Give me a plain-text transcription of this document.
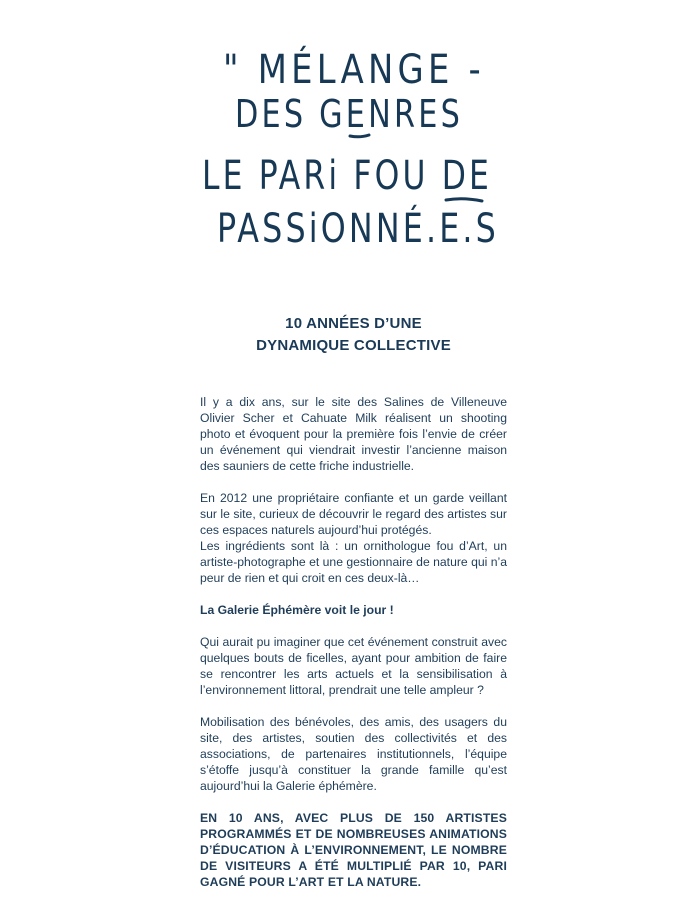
" MÉLANGE -
DES GENRES
LE PARi FOU DE
PASSiONNÉ.E.S
10 ANNÉES D’UNE
DYNAMIQUE COLLECTIVE

Il y a dix ans, sur le site des Salines de Villeneuve Olivier Scher et Cahuate Milk réalisent un shooting photo et évoquent pour la première fois l’envie de créer un événement qui viendrait investir l’ancienne maison des sauniers de cette friche industrielle.

En 2012 une propriétaire confiante et un garde veillant sur le site, curieux de découvrir le regard des artistes sur ces espaces naturels aujourd’hui protégés.

Les ingrédients sont là : un ornithologue fou d’Art, un artiste-photographe et une gestionnaire de nature qui n’a peur de rien et qui croit en ces deux-là…

La Galerie Éphémère voit le jour !

Qui aurait pu imaginer que cet événement construit avec quelques bouts de ficelles, ayant pour ambition de faire se rencontrer les arts actuels et la sensibilisation à l’environnement littoral, prendrait une telle ampleur ?

Mobilisation des bénévoles, des amis, des usagers du site, des artistes, soutien des collectivités et des associations, de partenaires institutionnels, l’équipe s’étoffe jusqu’à constituer la grande famille qu’est aujourd’hui la Galerie éphémère.

EN 10 ANS, AVEC PLUS DE 150 ARTISTES PROGRAMMÉS ET DE NOMBREUSES ANIMATIONS D’ÉDUCATION À L’ENVIRONNEMENT, LE NOMBRE DE VISITEURS A ÉTÉ MULTIPLIÉ PAR 10, PARI GAGNÉ POUR L’ART ET LA NATURE.
